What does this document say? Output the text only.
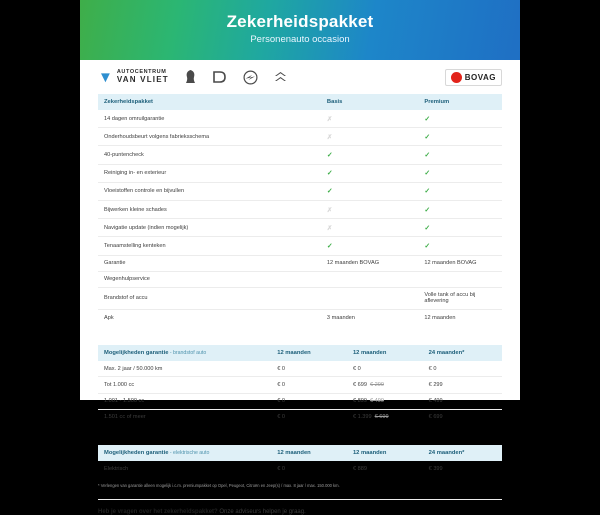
Zekerheidspakket
Personenauto occasion
▼ AUTOCENTRUM
VAN VLIET	BOVAG
Zekerheidspakket	Basis	Premium
14 dagen omruilgarantie	✗	✓
Onderhoudsbeurt volgens fabrieksschema	✗	✓
40-puntencheck	✓	✓
Reiniging in- en exterieur	✓	✓
Vloeistoffen controle en bijvullen	✓	✓
Bijwerken kleine schades	✗	✓
Navigatie update (indien mogelijk)	✗	✓
Tenaamstelling kenteken	✓	✓
Garantie	12 maanden BOVAG	12 maanden BOVAG
Wegenhulpservice		
Brandstof of accu		Volle tank of accu bij aflevering
Apk	3 maanden	12 maanden
Mogelijkheden garantie - brandstof auto	12 maanden	12 maanden	24 maanden*
Max. 2 jaar / 50.000 km	€ 0	€ 0	€ 0
Tot 1.000 cc	€ 0	€ 699 € 299	€ 299
1.001 - 1.500 cc	€ 0	€ 899 € 499	€ 499
1.501 cc of meer	€ 0	€ 1.399 € 699	€ 699
Mogelijkheden garantie - elektrische auto	12 maanden	12 maanden	24 maanden*
Elektrisch	€ 0	€ 889	€ 399
* Verlengen van garantie alleen mogelijk i.c.m. premiumpakket op Opel, Peugeot, Citroën en Jeep(s) / max. 8 jaar / max. 150.000 km.
Heb je vragen over het zekerheidspakket? Onze adviseurs helpen je graag.
